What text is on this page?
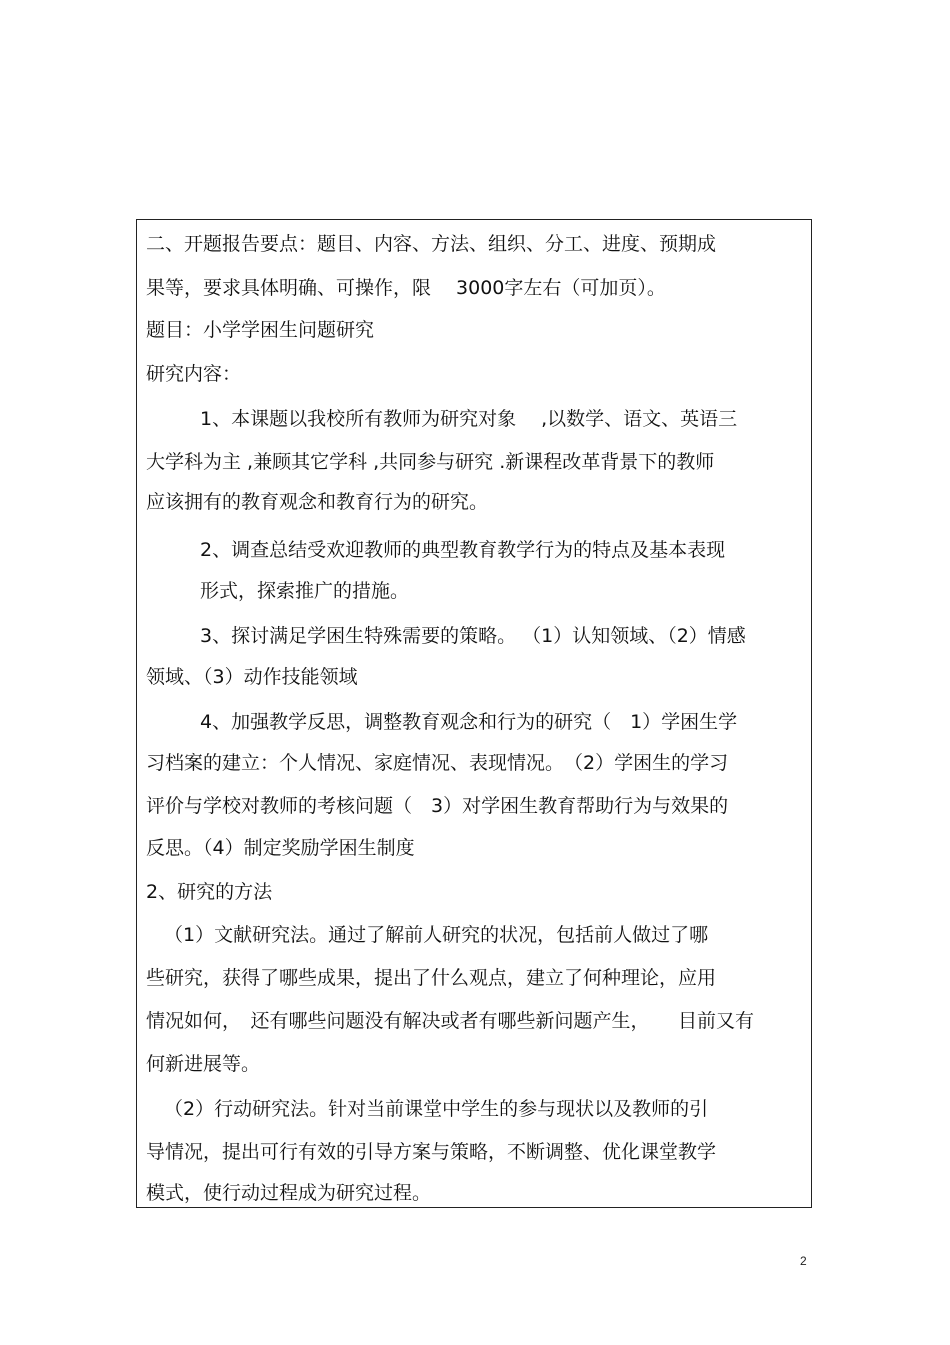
二、开题报告要点：题目、内容、方法、组织、分工、进度、预期成
果等，要求具体明确、可操作，限　 3000字左右（可加页）。
题目：小学学困生问题研究
研究内容：
1、本课题以我校所有教师为研究对象　 ,以数学、语文、英语三
大学科为主 ,兼顾其它学科 ,共同参与研究 .新课程改革背景下的教师
应该拥有的教育观念和教育行为的研究。
2、调查总结受欢迎教师的典型教育教学行为的特点及基本表现
形式，探索推广的措施。
3、探讨满足学困生特殊需要的策略。 （1）认知领域、（2）情感
领域、（3）动作技能领域
4、加强教学反思，调整教育观念和行为的研究（　1）学困生学
习档案的建立：个人情况、家庭情况、表现情况。　（2）学困生的学习
评价与学校对教师的考核问题（　3）对学困生教育帮助行为与效果的
反思。（4）制定奖励学困生制度
2、研究的方法
（1）文献研究法。通过了解前人研究的状况，包括前人做过了哪
些研究，获得了哪些成果，提出了什么观点，建立了何种理论，应用
情况如何，　还有哪些问题没有解决或者有哪些新问题产生，　　目前又有
何新进展等。
（2）行动研究法。针对当前课堂中学生的参与现状以及教师的引
导情况，提出可行有效的引导方案与策略，不断调整、优化课堂教学
模式，使行动过程成为研究过程。
2
